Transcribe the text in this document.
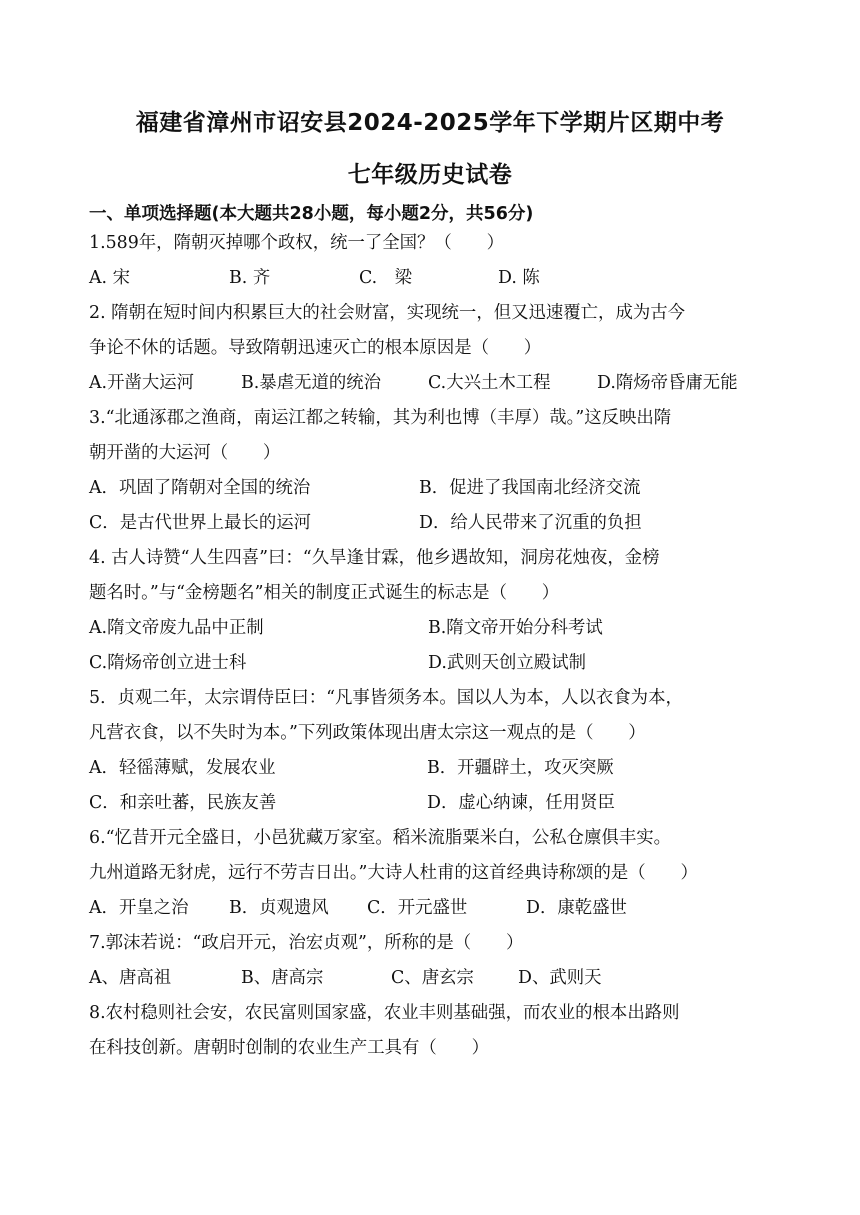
福建省漳州市诏安县2024-2025学年下学期片区期中考
七年级历史试卷
一、单项选择题(本大题共28小题，每小题2分，共56分)
1.589年，隋朝灭掉哪个政权，统一了全国？（　　）
A. 宋	B. 齐	C.　梁	D. 陈
2. 隋朝在短时间内积累巨大的社会财富，实现统一，但又迅速覆亡，成为古今
争论不休的话题。导致隋朝迅速灭亡的根本原因是（　　）
A.开凿大运河	B.暴虐无道的统治	C.大兴土木工程	D.隋炀帝昏庸无能
3.“北通涿郡之渔商，南运江都之转输，其为利也博（丰厚）哉。”这反映出隋
朝开凿的大运河（　　）
A．巩固了隋朝对全国的统治	B．促进了我国南北经济交流
C．是古代世界上最长的运河	D．给人民带来了沉重的负担
4. 古人诗赞“人生四喜”曰：“久旱逢甘霖，他乡遇故知，洞房花烛夜，金榜
题名时。”与“金榜题名”相关的制度正式诞生的标志是（　　）
A.隋文帝废九品中正制	B.隋文帝开始分科考试
C.隋炀帝创立进士科	D.武则天创立殿试制
5．贞观二年，太宗谓侍臣曰：“凡事皆须务本。国以人为本，人以衣食为本，
凡营衣食，以不失时为本。”下列政策体现出唐太宗这一观点的是（　　）
A．轻徭薄赋，发展农业	B．开疆辟土，攻灭突厥
C．和亲吐蕃，民族友善	D．虚心纳谏，任用贤臣
6.“忆昔开元全盛日，小邑犹藏万家室。稻米流脂粟米白，公私仓廪俱丰实。
九州道路无豺虎，远行不劳吉日出。”大诗人杜甫的这首经典诗称颂的是（　　）
A．开皇之治 B．贞观遗风 C．开元盛世	D．康乾盛世
7.郭沫若说：“政启开元，治宏贞观”，所称的是（　　）
A、唐高祖	B、唐高宗	C、唐玄宗	D、武则天
8.农村稳则社会安，农民富则国家盛，农业丰则基础强，而农业的根本出路则
在科技创新。唐朝时创制的农业生产工具有（　　）
